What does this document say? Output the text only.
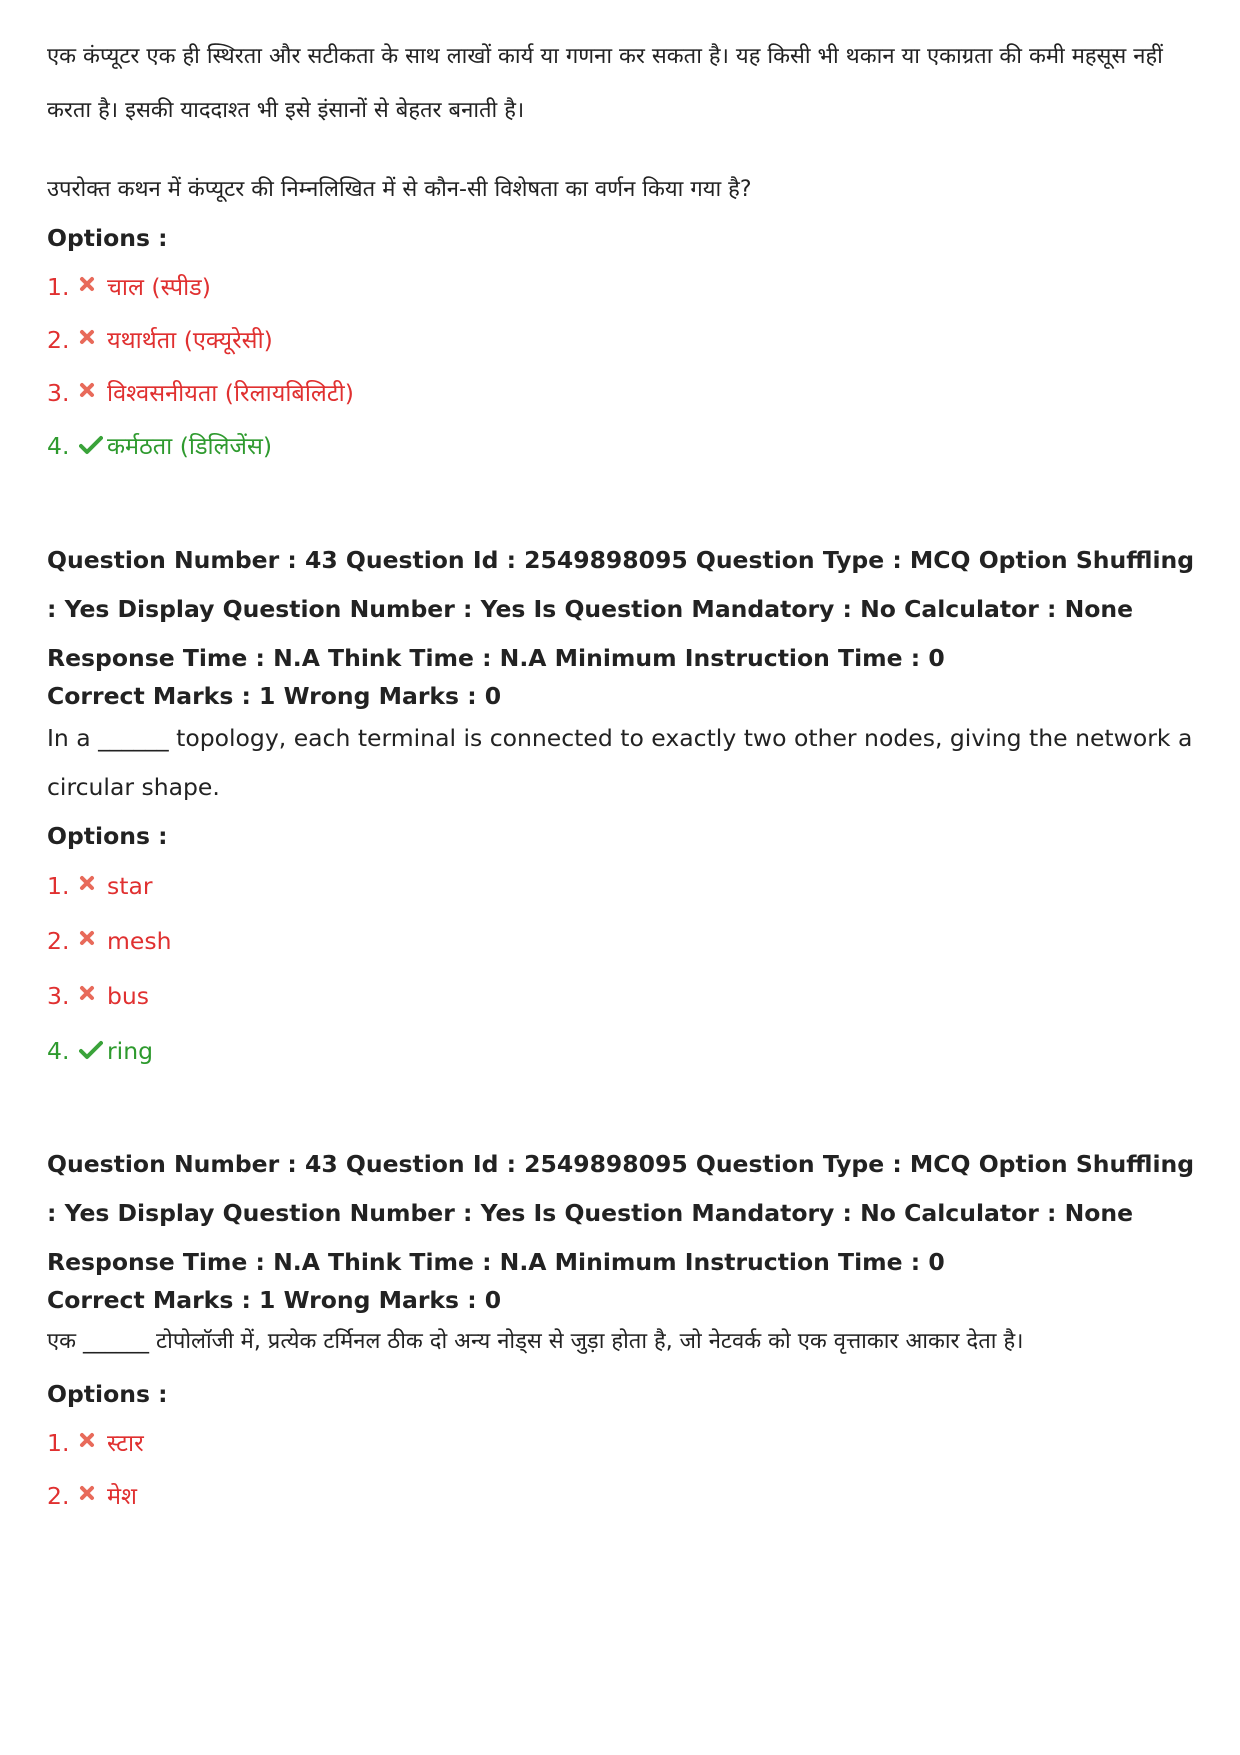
एक कंप्यूटर एक ही स्थिरता और सटीकता के साथ लाखों कार्य या गणना कर सकता है। यह किसी भी थकान या एकाग्रता की कमी महसूस नहीं करता है। इसकी याददाश्त भी इसे इंसानों से बेहतर बनाती है।

उपरोक्त कथन में कंप्यूटर की निम्नलिखित में से कौन-सी विशेषता का वर्णन किया गया है?

Options :

1.	चाल (स्पीड)
2.	यथार्थता (एक्यूरेसी)
3.	विश्वसनीयता (रिलायबिलिटी)
4.	कर्मठता (डिलिजेंस)

Question Number : 43 Question Id : 2549898095 Question Type : MCQ Option Shuffling : Yes Display Question Number : Yes Is Question Mandatory : No Calculator : None Response Time : N.A Think Time : N.A Minimum Instruction Time : 0

Correct Marks : 1 Wrong Marks : 0

In a ______ topology, each terminal is connected to exactly two other nodes, giving the network a circular shape.

Options :

1.	star
2.	mesh
3.	bus
4.	ring

Question Number : 43 Question Id : 2549898095 Question Type : MCQ Option Shuffling : Yes Display Question Number : Yes Is Question Mandatory : No Calculator : None Response Time : N.A Think Time : N.A Minimum Instruction Time : 0

Correct Marks : 1 Wrong Marks : 0

एक ______ टोपोलॉजी में, प्रत्येक टर्मिनल ठीक दो अन्य नोड्स से जुड़ा होता है, जो नेटवर्क को एक वृत्ताकार आकार देता है।

Options :

1.	स्टार
2.	मेश
